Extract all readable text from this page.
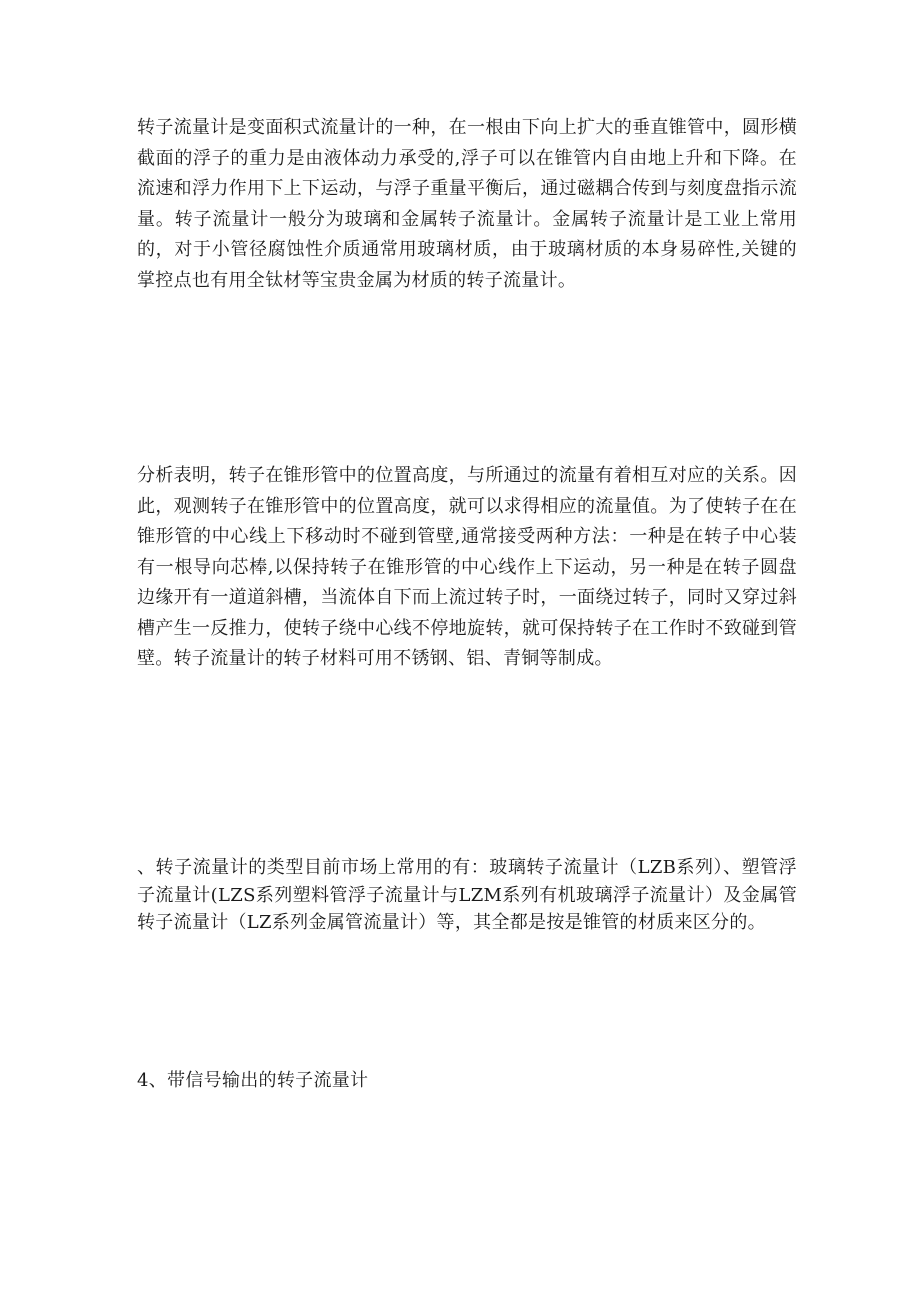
转子流量计是变面积式流量计的一种，在一根由下向上扩大的垂直锥管中，圆形横截面的浮子的重力是由液体动力承受的,浮子可以在锥管内自由地上升和下降。在流速和浮力作用下上下运动，与浮子重量平衡后，通过磁耦合传到与刻度盘指示流量。转子流量计一般分为玻璃和金属转子流量计。金属转子流量计是工业上常用的，对于小管径腐蚀性介质通常用玻璃材质，由于玻璃材质的本身易碎性,关键的掌控点也有用全钛材等宝贵金属为材质的转子流量计。

分析表明，转子在锥形管中的位置高度，与所通过的流量有着相互对应的关系。因此，观测转子在锥形管中的位置高度，就可以求得相应的流量值。为了使转子在在锥形管的中心线上下移动时不碰到管壁,通常接受两种方法：一种是在转子中心装有一根导向芯棒,以保持转子在锥形管的中心线作上下运动，另一种是在转子圆盘边缘开有一道道斜槽，当流体自下而上流过转子时，一面绕过转子，同时又穿过斜槽产生一反推力，使转子绕中心线不停地旋转，就可保持转子在工作时不致碰到管壁。转子流量计的转子材料可用不锈钢、铝、青铜等制成。

、转子流量计的类型目前市场上常用的有：玻璃转子流量计（LZB系列）、塑管浮子流量计(LZS系列塑料管浮子流量计与LZM系列有机玻璃浮子流量计）及金属管转子流量计（LZ系列金属管流量计）等，其全都是按是锥管的材质来区分的。

4、带信号输出的转子流量计
